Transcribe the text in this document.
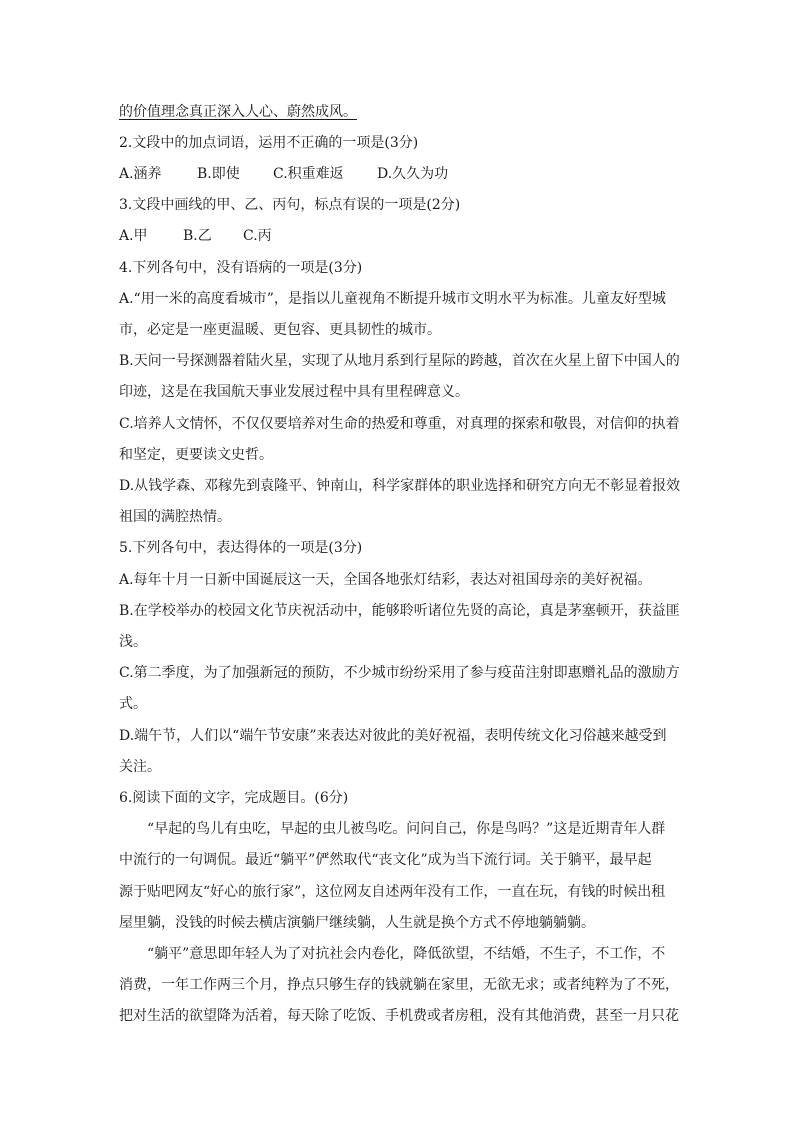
的价值理念真正深入人心、蔚然成风。
2.文段中的加点词语，运用不正确的一项是(3分)
A.涵养	B.即使 C.积重难返 D.久久为功
3.文段中画线的甲、乙、丙句，标点有误的一项是(2分)
A.甲	B.乙 C.丙
4.下列各句中，没有语病的一项是(3分)
A.“用一米的高度看城市”，是指以儿童视角不断提升城市文明水平为标准。儿童友好型城
市，必定是一座更温暖、更包容、更具韧性的城市。
B.天问一号探测器着陆火星，实现了从地月系到行星际的跨越，首次在火星上留下中国人的
印迹，这是在我国航天事业发展过程中具有里程碑意义。
C.培养人文情怀，不仅仅要培养对生命的热爱和尊重，对真理的探索和敬畏，对信仰的执着
和坚定，更要读文史哲。
D.从钱学森、邓稼先到袁隆平、钟南山，科学家群体的职业选择和研究方向无不彰显着报效
祖国的满腔热情。
5.下列各句中，表达得体的一项是(3分)
A.每年十月一日新中国诞辰这一天，全国各地张灯结彩，表达对祖国母亲的美好祝福。
B.在学校举办的校园文化节庆祝活动中，能够聆听诸位先贤的高论，真是茅塞顿开，获益匪
浅。
C.第二季度，为了加强新冠的预防，不少城市纷纷采用了参与疫苗注射即惠赠礼品的激励方
式。
D.端午节，人们以“端午节安康”来表达对彼此的美好祝福，表明传统文化习俗越来越受到
关注。
6.阅读下面的文字，完成题目。(6分)
“早起的鸟儿有虫吃，早起的虫儿被鸟吃。问问自己，你是鸟吗？”这是近期青年人群
中流行的一句调侃。最近“躺平”俨然取代“丧文化”成为当下流行词。关于躺平，最早起
源于贴吧网友“好心的旅行家”，这位网友自述两年没有工作，一直在玩，有钱的时候出租
屋里躺，没钱的时候去横店演躺尸继续躺，人生就是换个方式不停地躺躺躺。
“躺平”意思即年轻人为了对抗社会内卷化，降低欲望，不结婚，不生子，不工作，不
消费，一年工作两三个月，挣点只够生存的钱就躺在家里，无欲无求；或者纯粹为了不死，
把对生活的欲望降为活着，每天除了吃饭、手机费或者房租，没有其他消费，甚至一月只花
